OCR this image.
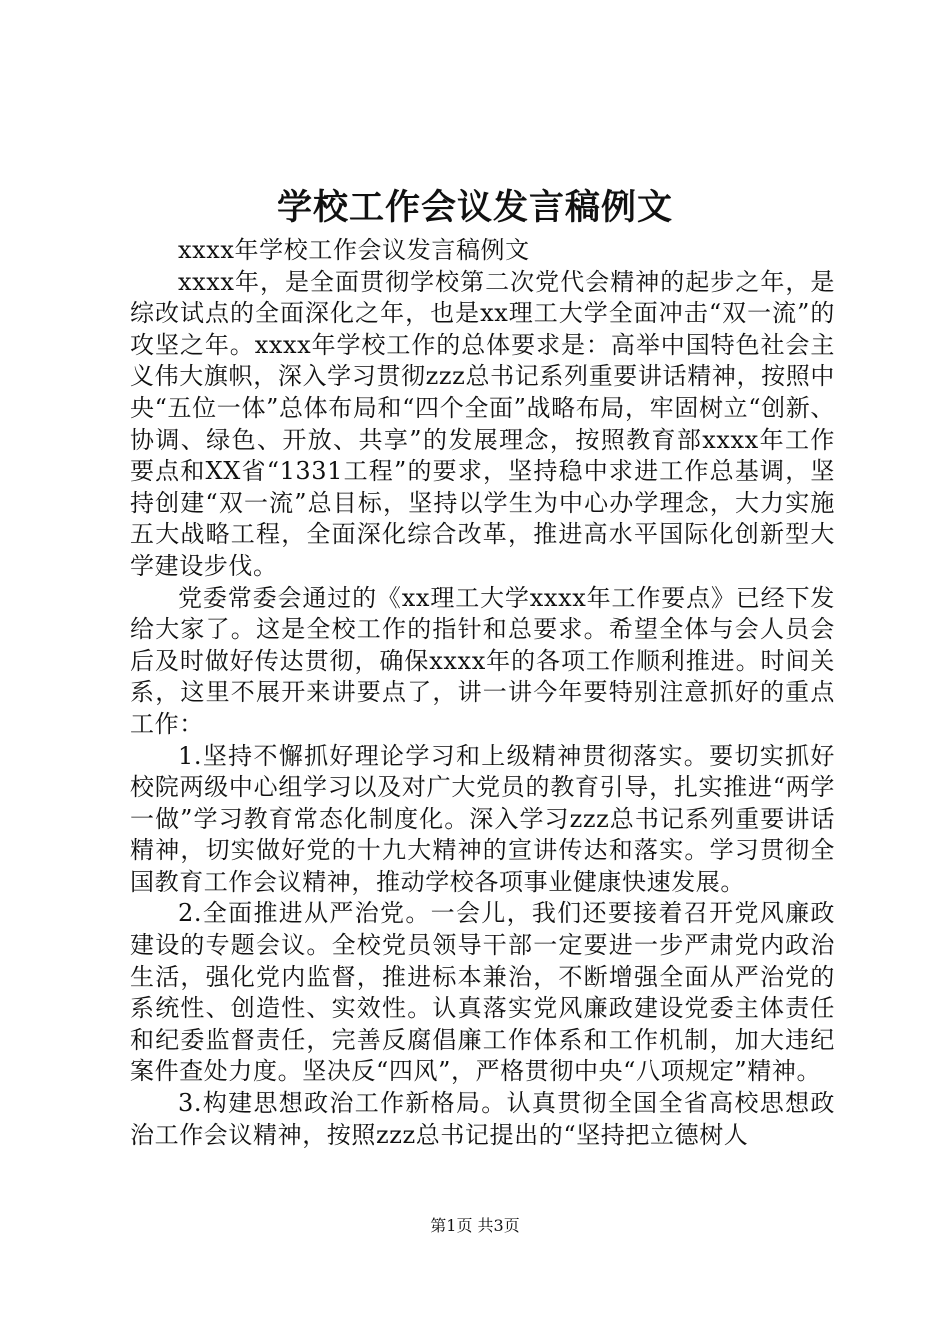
学校工作会议发言稿例文

xxxx年学校工作会议发言稿例文

xxxx年，是全面贯彻学校第二次党代会精神的起步之年，是综改试点的全面深化之年，也是xx理工大学全面冲击“双一流”的攻坚之年。xxxx年学校工作的总体要求是：高举中国特色社会主义伟大旗帜，深入学习贯彻zzz总书记系列重要讲话精神，按照中央“五位一体”总体布局和“四个全面”战略布局，牢固树立“创新、协调、绿色、开放、共享”的发展理念，按照教育部xxxx年工作要点和XX省“1331工程”的要求，坚持稳中求进工作总基调，坚持创建“双一流”总目标，坚持以学生为中心办学理念，大力实施五大战略工程，全面深化综合改革，推进高水平国际化创新型大学建设步伐。

党委常委会通过的《xx理工大学xxxx年工作要点》已经下发给大家了。这是全校工作的指针和总要求。希望全体与会人员会后及时做好传达贯彻，确保xxxx年的各项工作顺利推进。时间关系，这里不展开来讲要点了，讲一讲今年要特别注意抓好的重点工作：

1.坚持不懈抓好理论学习和上级精神贯彻落实。要切实抓好校院两级中心组学习以及对广大党员的教育引导，扎实推进“两学一做”学习教育常态化制度化。深入学习zzz总书记系列重要讲话精神，切实做好党的十九大精神的宣讲传达和落实。学习贯彻全国教育工作会议精神，推动学校各项事业健康快速发展。

2.全面推进从严治党。一会儿，我们还要接着召开党风廉政建设的专题会议。全校党员领导干部一定要进一步严肃党内政治生活，强化党内监督，推进标本兼治，不断增强全面从严治党的系统性、创造性、实效性。认真落实党风廉政建设党委主体责任和纪委监督责任，完善反腐倡廉工作体系和工作机制，加大违纪案件查处力度。坚决反“四风”，严格贯彻中央“八项规定”精神。

3.构建思想政治工作新格局。认真贯彻全国全省高校思想政治工作会议精神，按照zzz总书记提出的“坚持把立德树人

第1页 共3页
